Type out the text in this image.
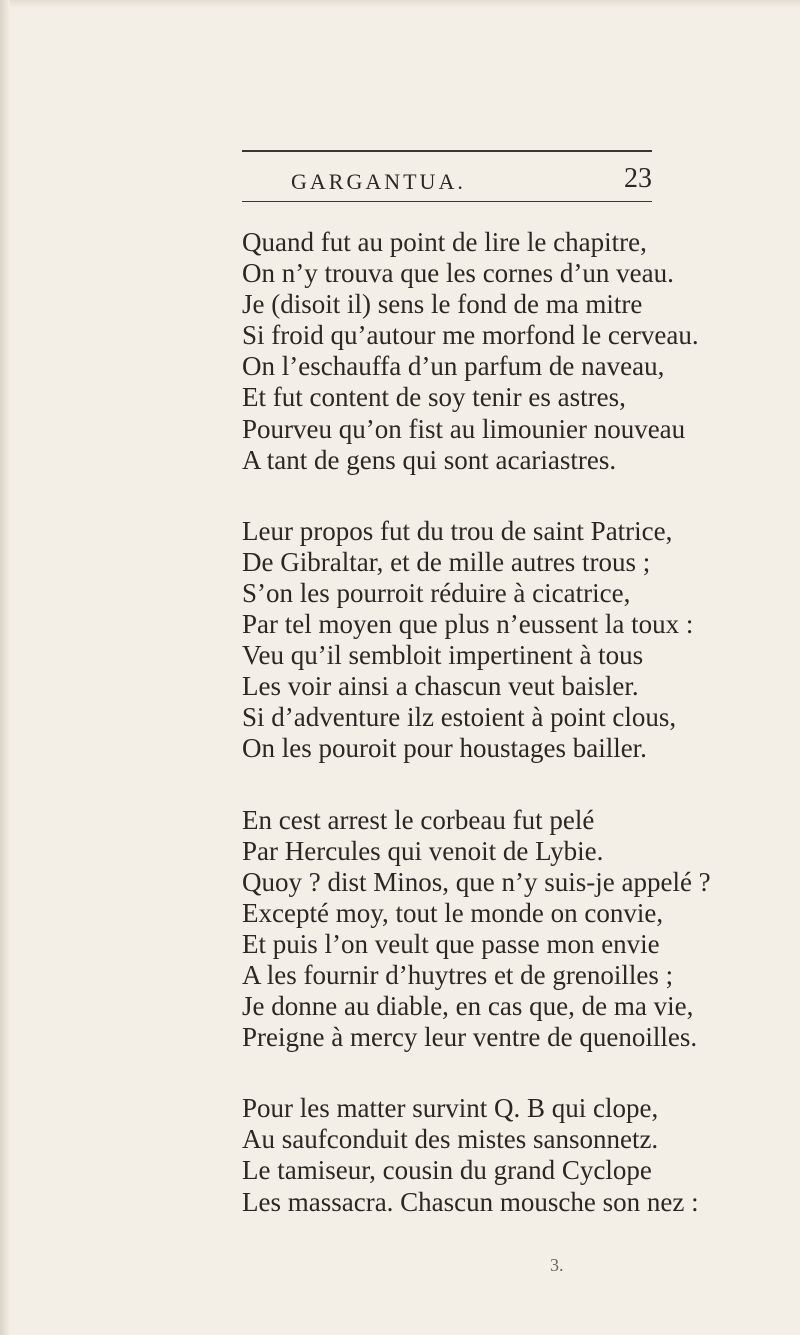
GARGANTUA.	23
Quand fut au point de lire le chapitre,
On n’y trouva que les cornes d’un veau.
Je (disoit il) sens le fond de ma mitre
Si froid qu’autour me morfond le cerveau.
On l’eschauffa d’un parfum de naveau,
Et fut content de soy tenir es astres,
Pourveu qu’on fist au limounier nouveau
A tant de gens qui sont acariastres.
Leur propos fut du trou de saint Patrice,
De Gibraltar, et de mille autres trous ;
S’on les pourroit réduire à cicatrice,
Par tel moyen que plus n’eussent la toux :
Veu qu’il sembloit impertinent à tous
Les voir ainsi a chascun veut baisler.
Si d’adventure ilz estoient à point clous,
On les pouroit pour houstages bailler.
En cest arrest le corbeau fut pelé
Par Hercules qui venoit de Lybie.
Quoy ? dist Minos, que n’y suis-je appelé ?
Excepté moy, tout le monde on convie,
Et puis l’on veult que passe mon envie
A les fournir d’huytres et de grenoilles ;
Je donne au diable, en cas que, de ma vie,
Preigne à mercy leur ventre de quenoilles.
Pour les matter survint Q. B qui clope,
Au saufconduit des mistes sansonnetz.
Le tamiseur, cousin du grand Cyclope
Les massacra. Chascun mousche son nez :
3.
